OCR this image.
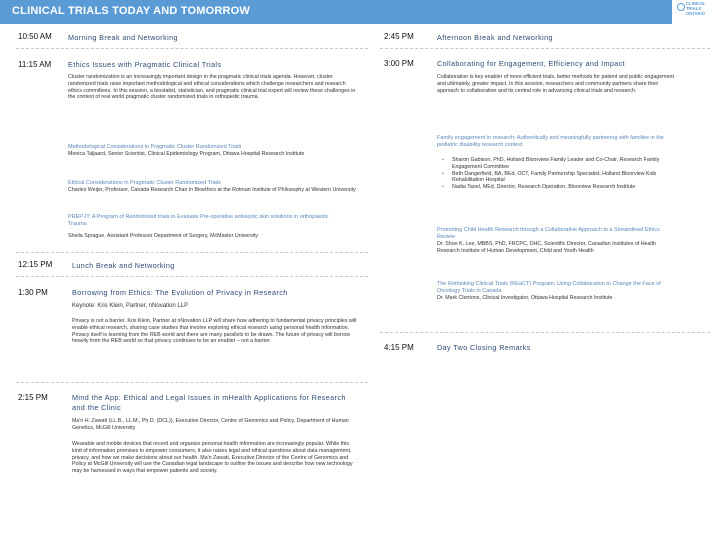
CLINICAL TRIALS TODAY AND TOMORROW
CLINICAL TRIALS ONTARIO
10:50 AM Morning Break and Networking
11:15 AM Ethics Issues with Pragmatic Clinical Trials
Cluster randomization is an increasingly important design in the pragmatic clinical trials agenda. However, cluster randomized trials raise important methodological and ethical considerations which challenge researchers and research ethics committees. In this session, a biostatist, statistician, and pragmatic clinical trial expert will review these challenges in the context of real world pragmatic cluster randomized trials in orthopedic trauma.
Methodological Considerations in Pragmatic Cluster Randomized Trials
Monica Taljaard, Senior Scientist, Clinical Epidemiology Program, Ottawa Hospital Research Institute
Ethical Considerations in Pragmatic Cluster Randomized Trials
Charles Weijer, Professor, Canada Research Chair in Bioethics at the Rotman Institute of Philosophy at Western University
PREP-IT: A Program of Randomized trials to Evaluate Pre-operative antiseptic skin solutions in orthopaedic Trauma
Sheila Sprague, Assistant Professor Department of Surgery, McMaster University
12:15 PM	Lunch Break and Networking
1:30 PM	Borrowing from Ethics: The Evolution of Privacy in Research
Keynote: Kris Klein, Partner, nNovation LLP
Privacy is not a barrier. Kris Klein, Partner at nNovation LLP will share how adhering to fundamental privacy principles will enable ethical research, sharing case studies that involve exploring ethical research using personal health information. Privacy itself is learning from the REB world and there are many parallels to be drawn. The future of privacy will borrow heavily from the REB world so that privacy continues to be an enabler – not a barrier.
2:15 PM	Mind the App: Ethical and Legal Issues in mHealth Applications for Research and the Clinic
Ma'n H. Zawati (LL.B., LL.M., Ph.D. (DCL)), Executive Director, Centre of Genomics and Policy, Department of Human Genetics, McGill University
Wearable and mobile devices that record and organize personal health information are increasingly popular. While this kind of information promises to empower consumers, it also raises legal and ethical questions about data management, privacy, and how we make decisions about our health. Ma'n Zawati, Executive Director of the Centre of Genomics and Policy at McGill University will use the Canadian legal landscape to outline the issues and describe how new technology may be harnessed in ways that empower patients and society.
2:45 PM	Afternoon Break and Networking
3:00 PM	Collaborating for Engagement, Efficiency and Impact
Collaboration is key enabler of more efficient trials, better methods for patient and public engagement and ultimately, greater impact. In this session, researchers and community partners share their approach to collaboration and its central role in advancing clinical trials and research.
Family engagement in research: Authentically and meaningfully partnering with families in the pediatric disability research context
• Sharon Gabison, PhD, Holland Bloorview Family Leader and Co-Chair, Research Family Engagement Committee
• Beth Dangerfield, BA, BEd, OCT, Family Partnership Specialist, Holland Bloorview Kids Rehabilitation Hospital
• Nadia Tanel, MEd, Director, Research Operation, Bloorview Research Institute
Promoting Child Health Research through a Collaborative Approach to a Streamlined Ethics Review
Dr. Shoo K. Lee, MBBS, PhD, FRCPC, DHC, Scientific Director, Canadian Institutes of Health Research Institute of Human Development, Child and Youth Health
The Rethinking Clinical Trials (REaCT) Program: Using Collaboration to Change the Face of Oncology Trials in Canada
Dr. Mark Clemons, Clinical Investigator, Ottawa Hospital Research Institute
4:15 PM	Day Two Closing Remarks
